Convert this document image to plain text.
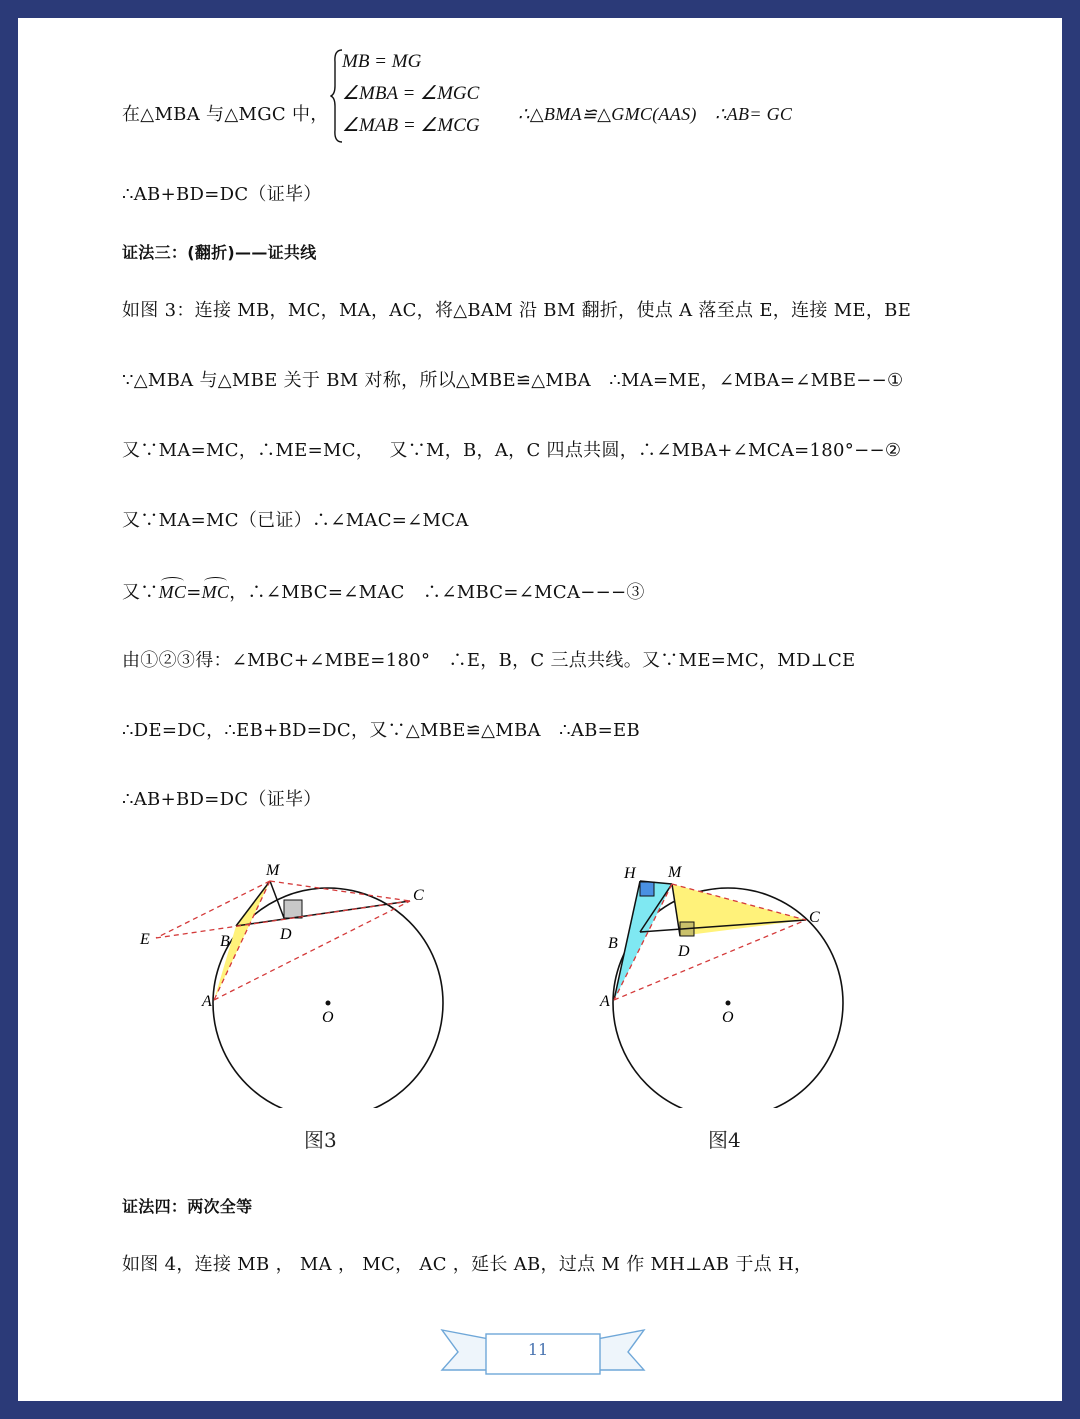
在△MBA 与△MGC 中，
MB = MG
∠MBA = ∠MGC
∠MAB = ∠MCG
∴△BMA≌△GMC(AAS)　∴AB= GC
∴AB+BD=DC（证毕）
证法三：(翻折)——证共线
如图 3：连接 MB，MC，MA，AC，将△BAM 沿 BM 翻折，使点 A 落至点 E，连接 ME，BE
∵△MBA 与△MBE 关于 BM 对称，所以△MBE≌△MBA　∴MA=ME，∠MBA=∠MBE−−①
又∵MA=MC，∴ME=MC，　 又∵M，B，A，C 四点共圆，∴∠MBA+∠MCA=180°−−②
又∵MA=MC（已证）∴∠MAC=∠MCA
又∵MC=MC，∴∠MBC=∠MAC　∴∠MBC=∠MCA−−−③
由①②③得：∠MBC+∠MBE=180°　∴E，B，C 三点共线。又∵ME=MC，MD⊥CE
∴DE=DC，∴EB+BD=DC，又∵△MBE≌△MBA　∴AB=EB
∴AB+BD=DC（证毕）
M
C
E	B	D
A
O
图3
H M
C
B	D
A
O
图4
证法四：两次全等
如图 4，连接 MB ， MA ， MC， AC ，延长 AB，过点 M 作 MH⊥AB 于点 H，
11
